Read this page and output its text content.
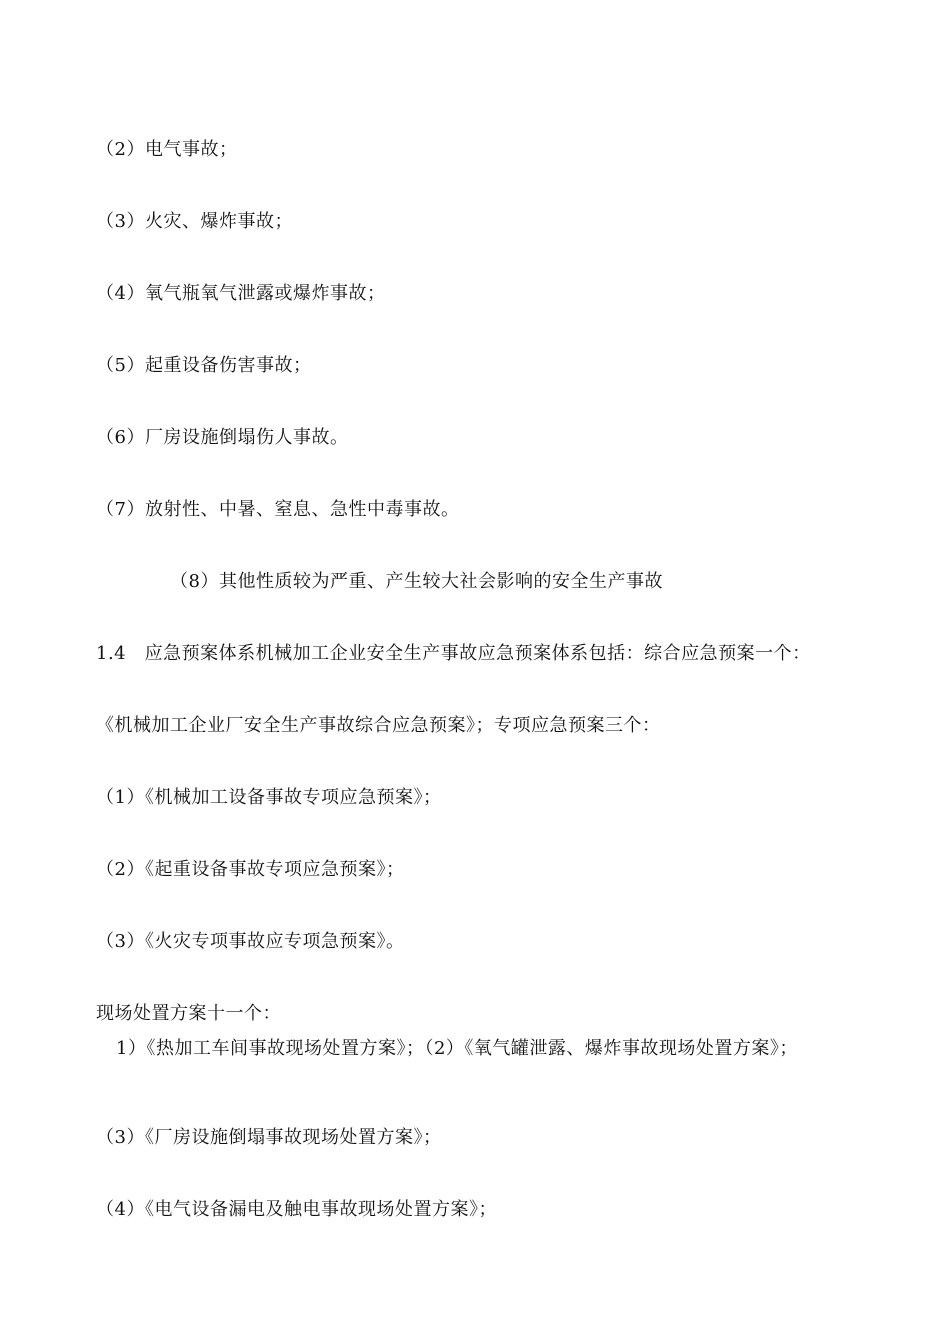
（2）电气事故；
（3）火灾、爆炸事故；
（4）氧气瓶氧气泄露或爆炸事故；
（5）起重设备伤害事故；
（6）厂房设施倒塌伤人事故。
（7）放射性、中暑、窒息、急性中毒事故。
（8）其他性质较为严重、产生较大社会影响的安全生产事故
1.4　应急预案体系机械加工企业安全生产事故应急预案体系包括：综合应急预案一个：
《机械加工企业厂安全生产事故综合应急预案》；专项应急预案三个：
（1）《机械加工设备事故专项应急预案》；
（2）《起重设备事故专项应急预案》；
（3）《火灾专项事故应专项急预案》。
现场处置方案十一个：
1）《热加工车间事故现场处置方案》；（2）《氧气罐泄露、爆炸事故现场处置方案》；
（3）《厂房设施倒塌事故现场处置方案》；
（4）《电气设备漏电及触电事故现场处置方案》；
